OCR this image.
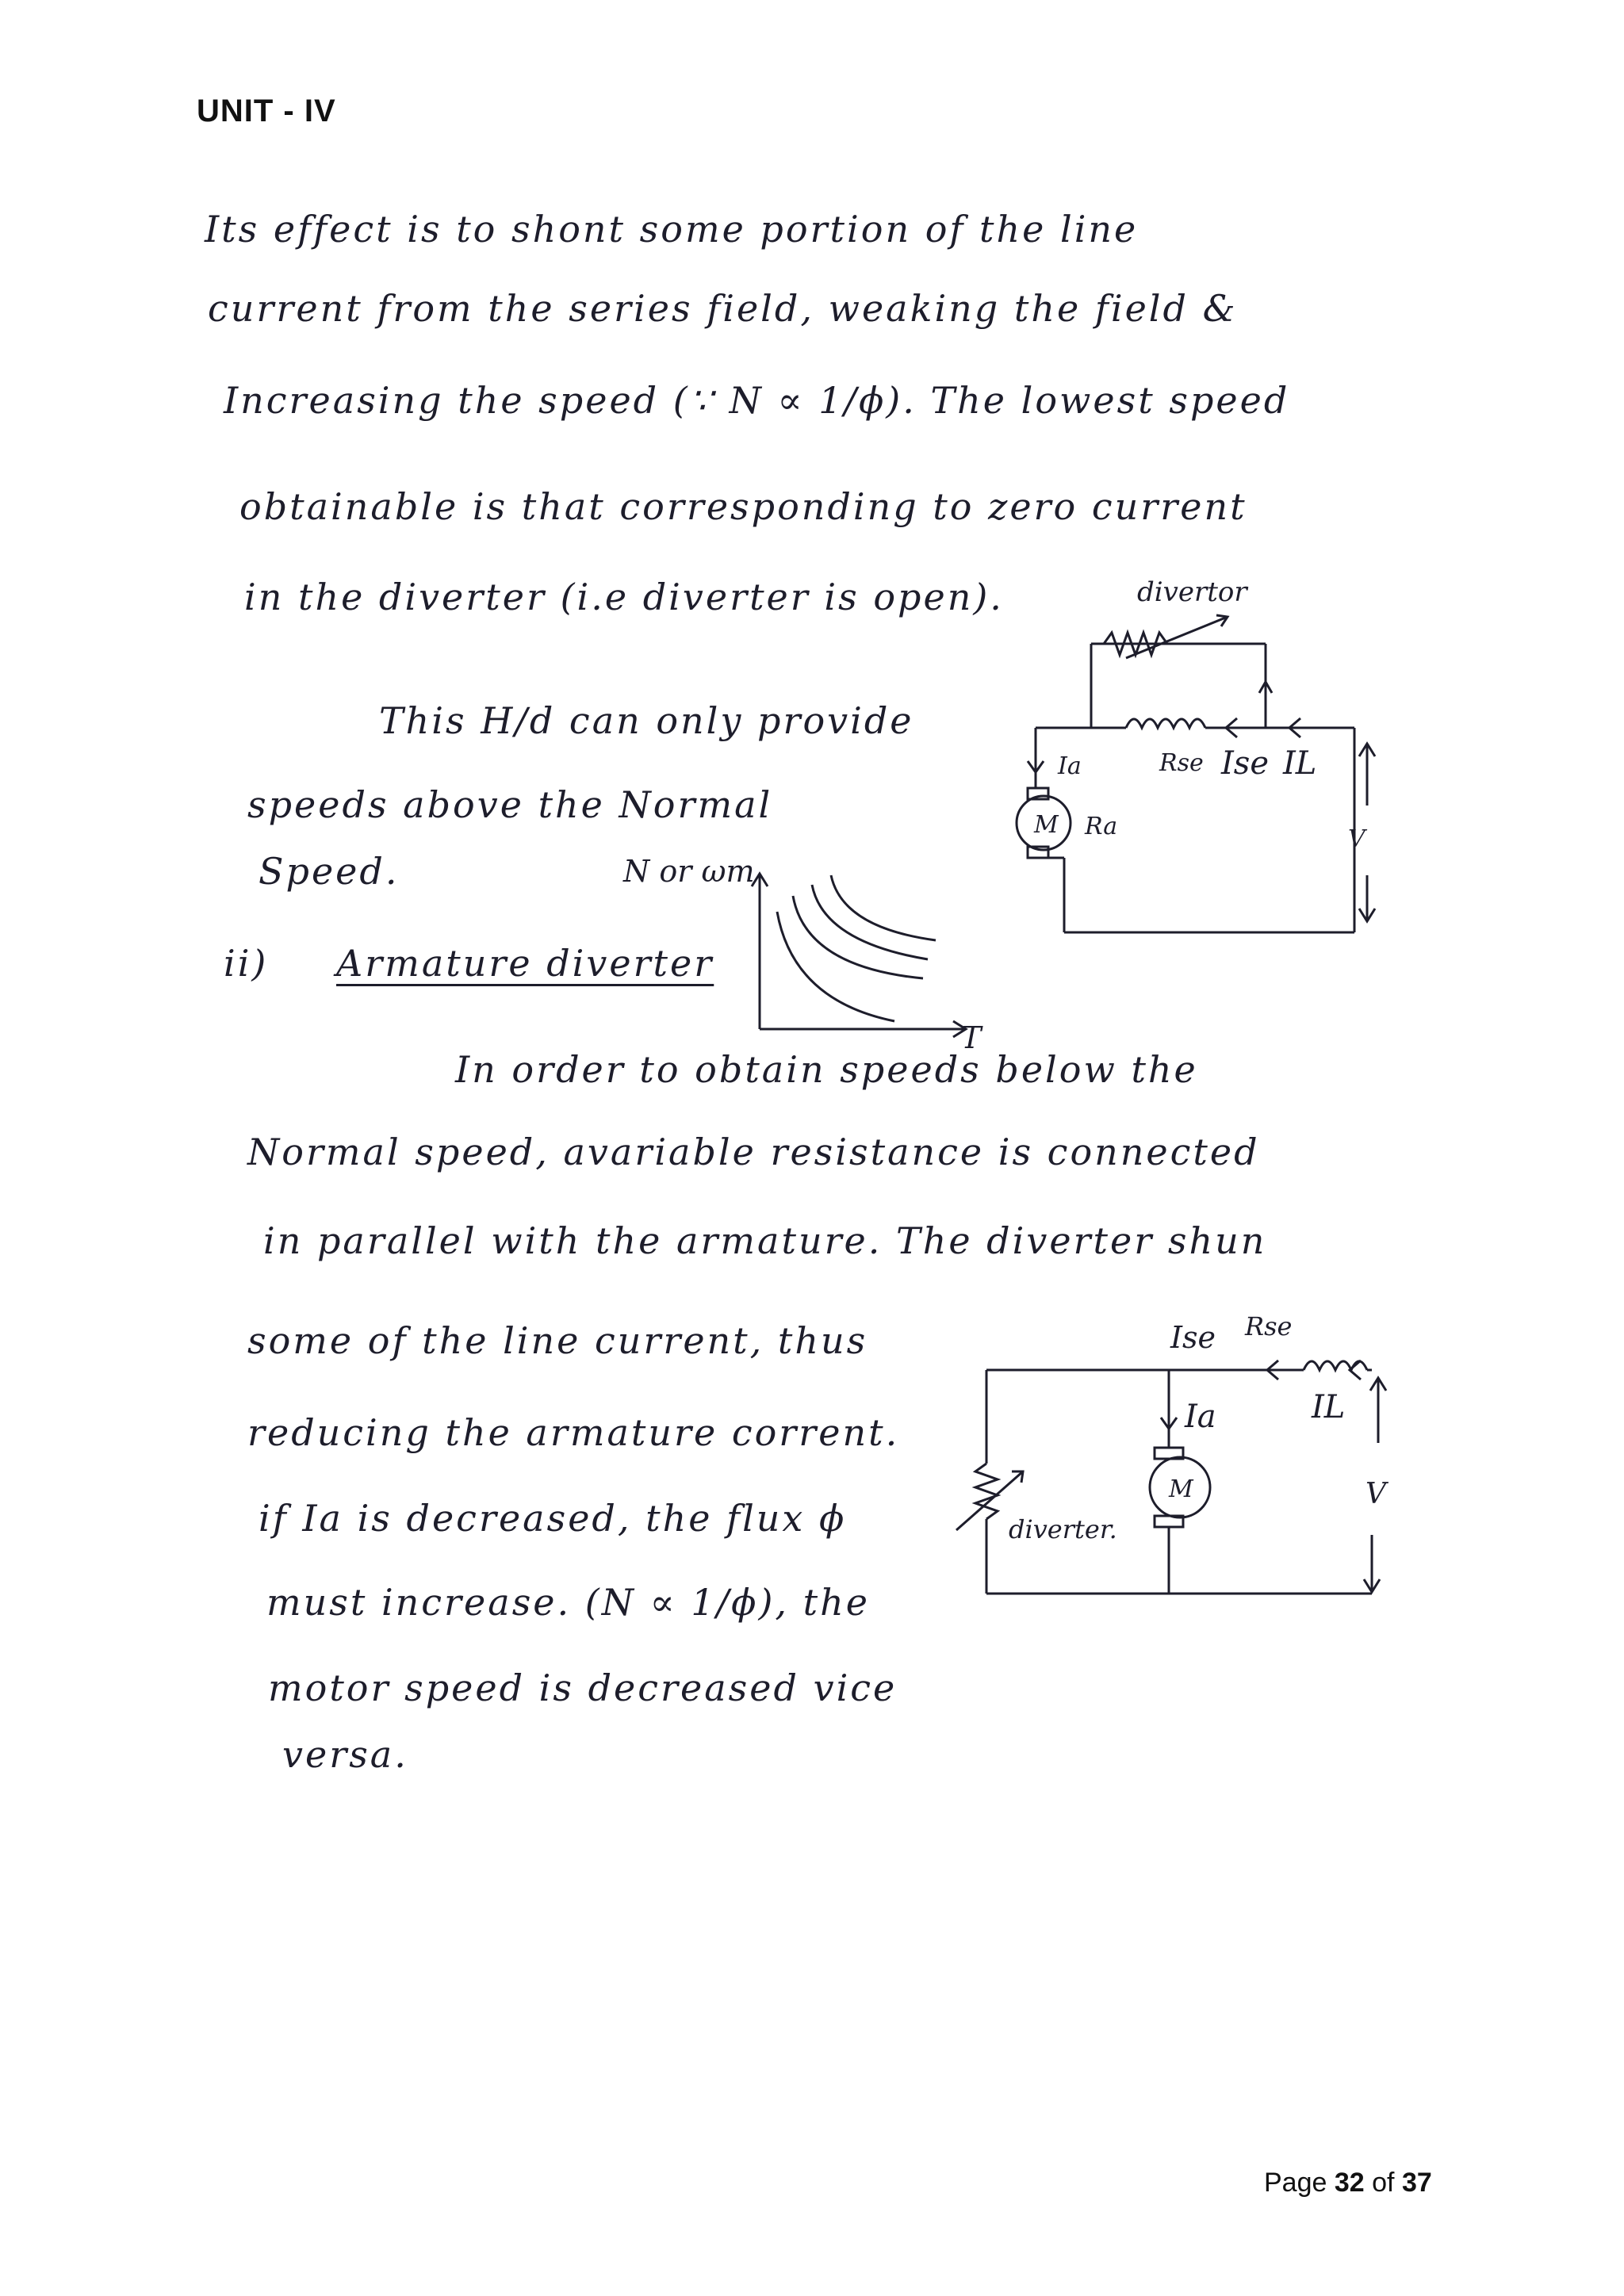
UNIT - IV
Its effect is to shont some portion of the line
current from the series field, weaking the field &
Increasing the speed (∵ N ∝ 1/ϕ). The lowest speed
obtainable is that corresponding to zero current
in the diverter (i.e diverter is open).
This H/d can only provide
speeds above the Normal
Speed.
ii) Armature diverter
In order to obtain speeds below the
Normal speed, avariable resistance is connected
in parallel with the armature. The diverter shun
some of the line current, thus
reducing the armature corrent.
if Ia is decreased, the flux ϕ
must increase. (N ∝ 1/ϕ), the
motor speed is decreased vice
versa.
divertor
Ia	Rse Ise IL
M Ra	V
N or ωm
T
Ise Rse
Ia	IL
M	V
diverter.
Page 32 of 37
